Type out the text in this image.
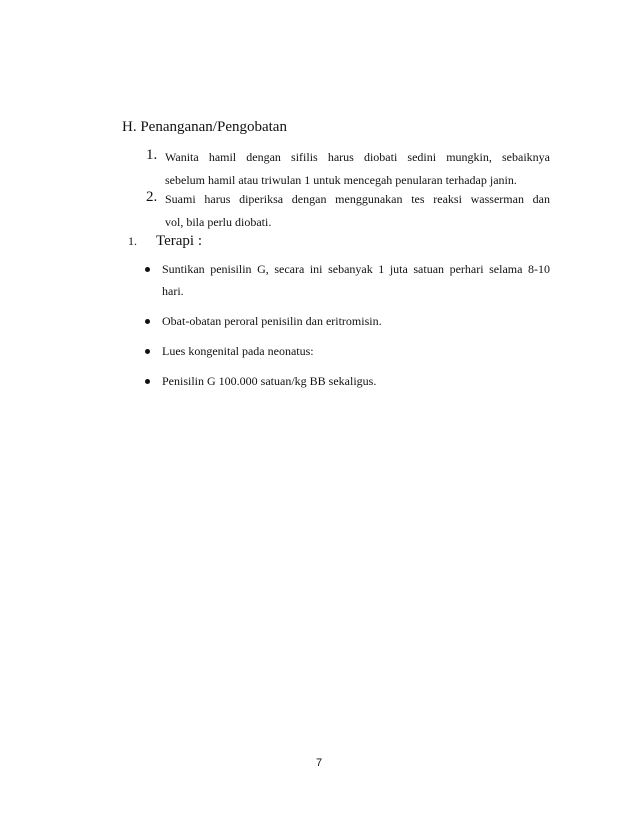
H. Penanganan/Pengobatan
1. Wanita hamil dengan sifilis harus diobati sedini mungkin, sebaiknya
sebelum hamil atau triwulan 1 untuk mencegah penularan terhadap janin.
2. Suami harus diperiksa dengan menggunakan tes reaksi wasserman dan
vol, bila perlu diobati.
1. Terapi :
Suntikan penisilin G, secara ini sebanyak 1 juta satuan perhari selama 8-10
hari.
Obat-obatan peroral penisilin dan eritromisin.
Lues kongenital pada neonatus:
Penisilin G 100.000 satuan/kg BB sekaligus.
7
